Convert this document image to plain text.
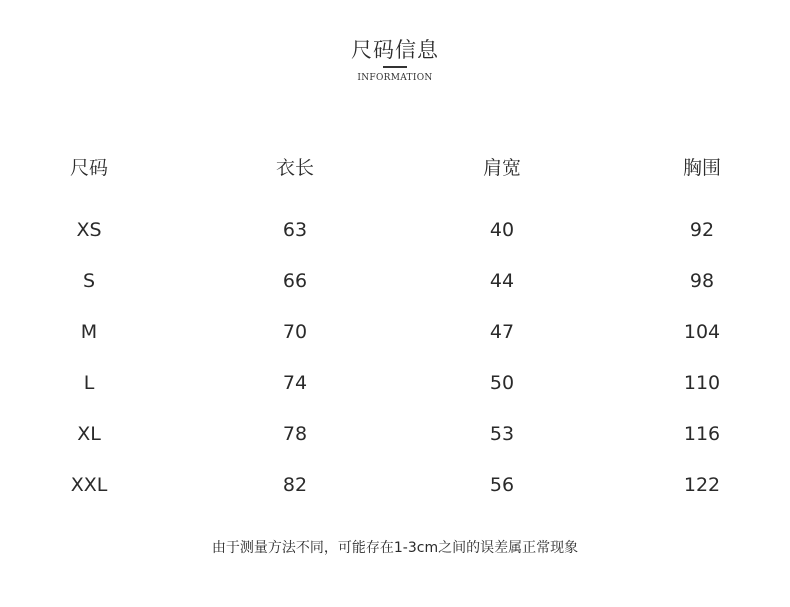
尺码信息
INFORMATION
尺码	衣长	肩宽	胸围
XS	63	40	92
S	66	44	98
M	70	47	104
L	74	50	110
XL	78	53	116
XXL	82	56	122
由于测量方法不同，可能存在1-3cm之间的误差属正常现象
